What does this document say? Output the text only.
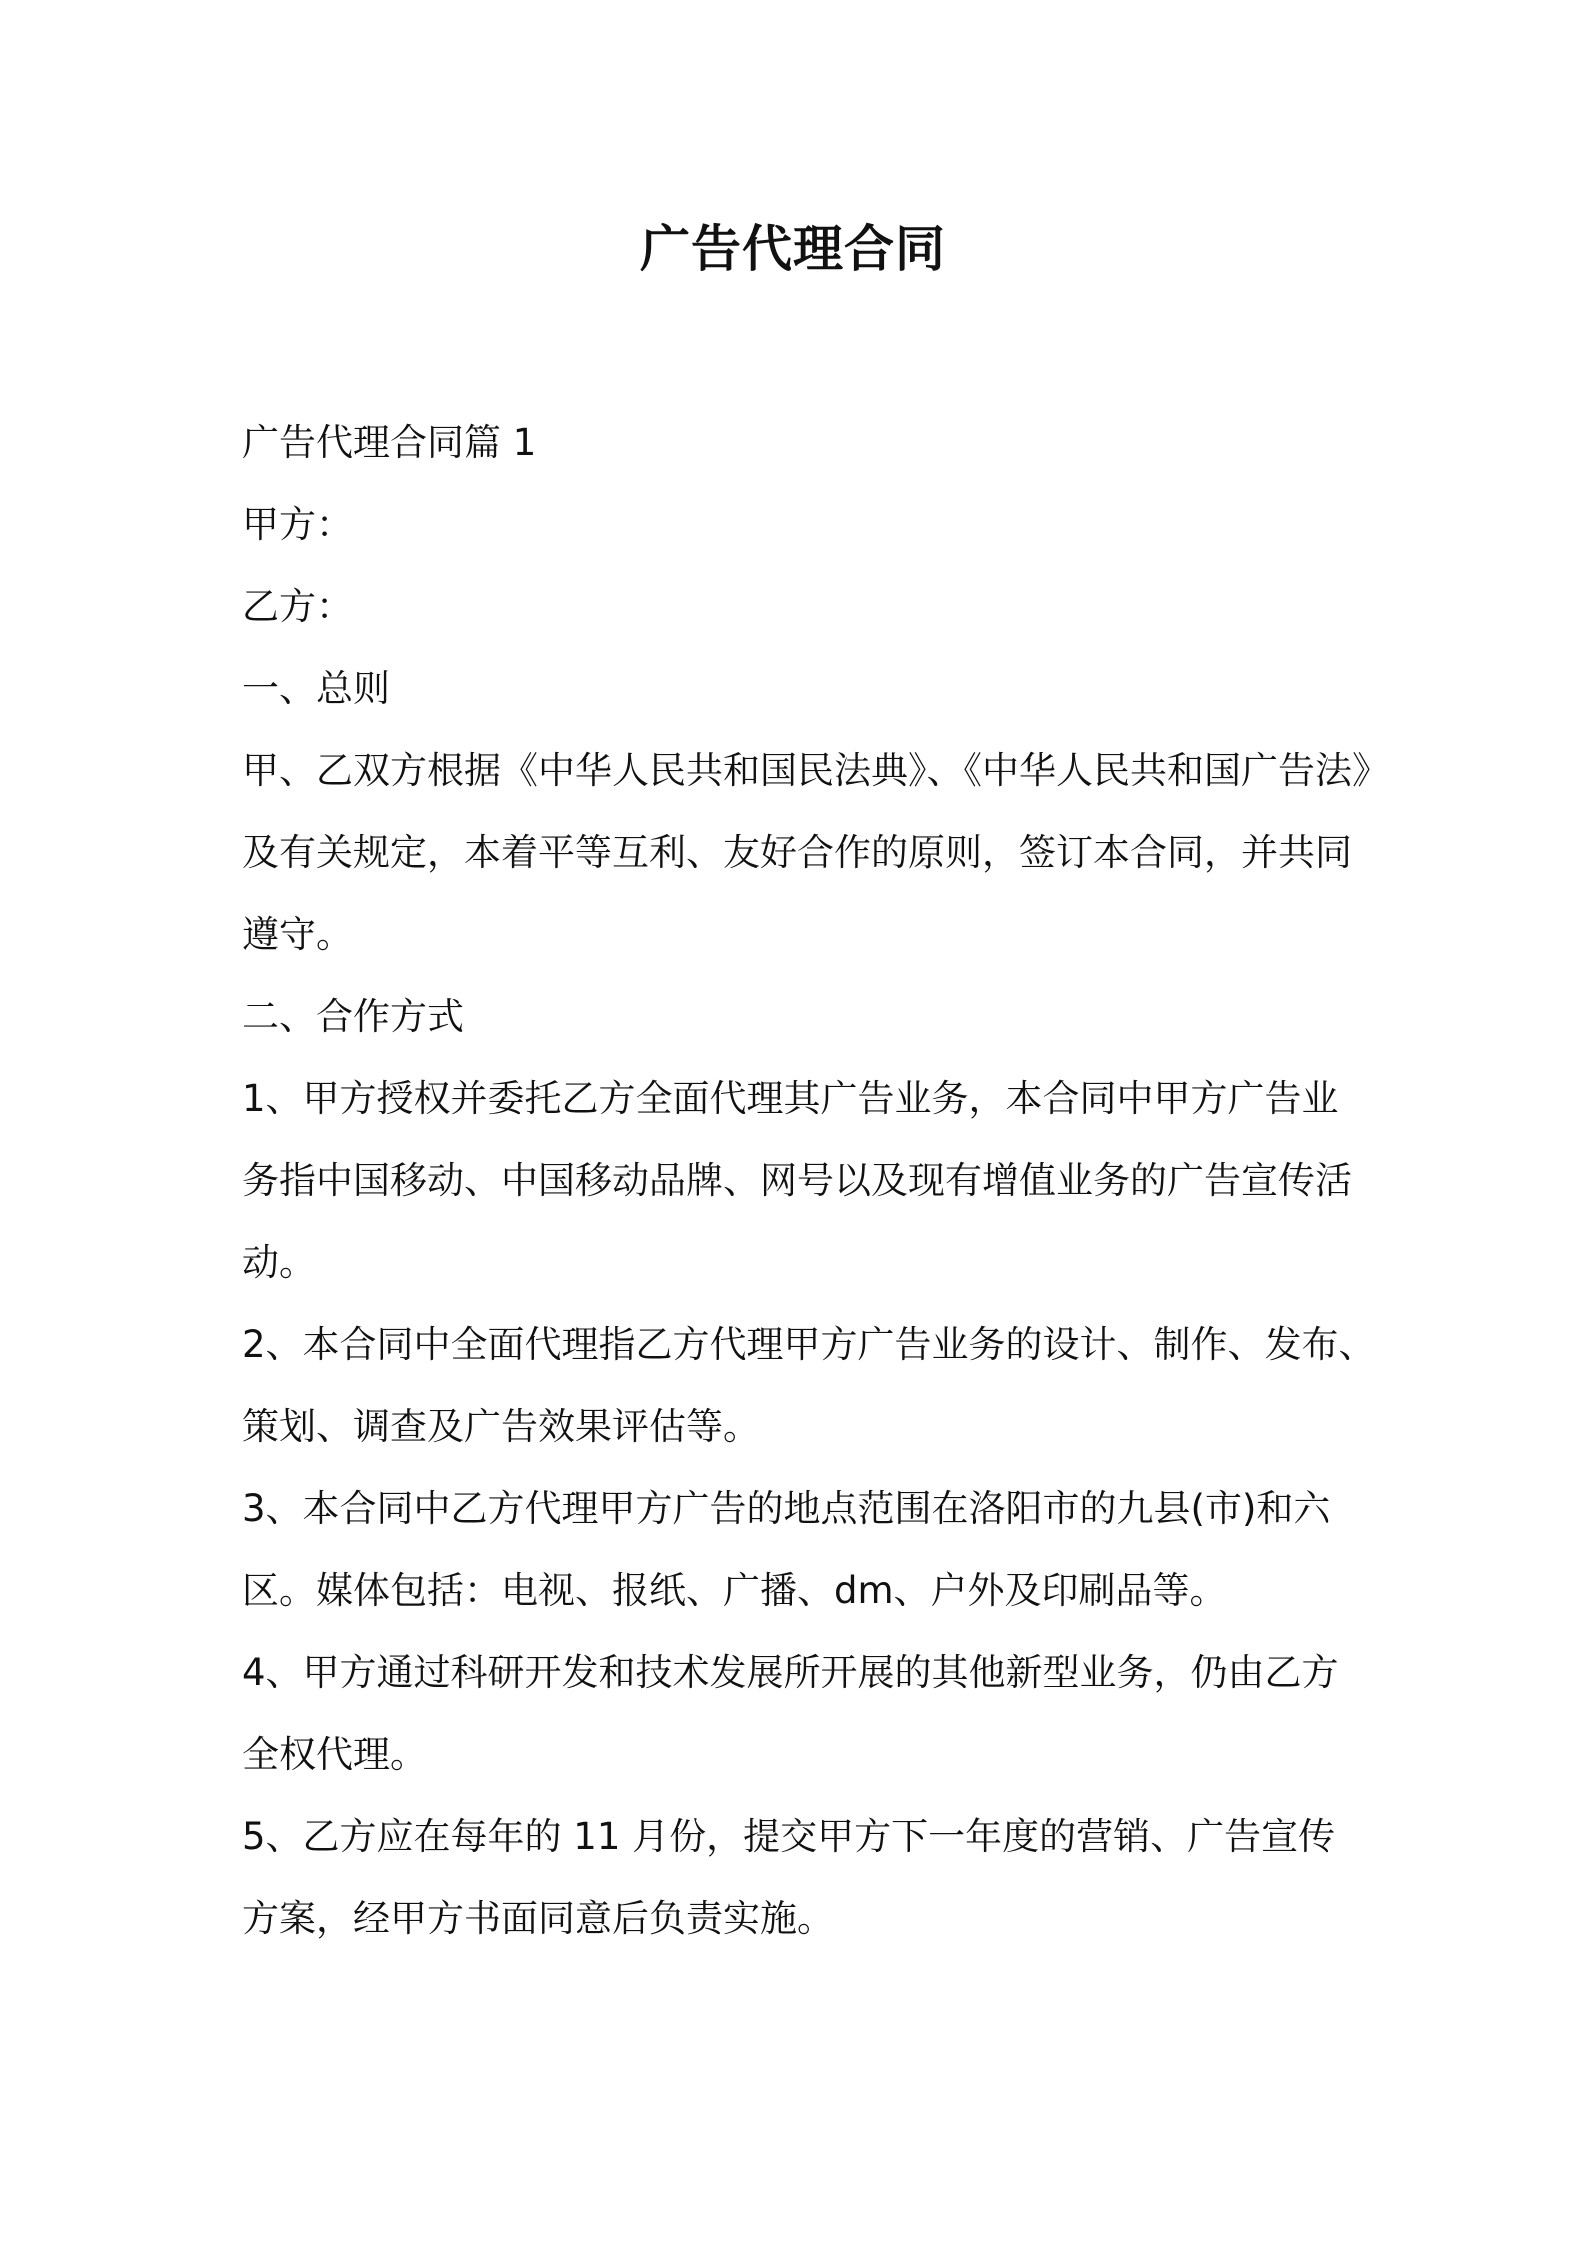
广告代理合同

广告代理合同篇 1

甲方：

乙方：

一、总则

甲、乙双方根据《中华人民共和国民法典》、《中华人民共和国广告法》
及有关规定，本着平等互利、友好合作的原则，签订本合同，并共同
遵守。

二、合作方式

1、甲方授权并委托乙方全面代理其广告业务，本合同中甲方广告业
务指中国移动、中国移动品牌、网号以及现有增值业务的广告宣传活
动。

2、本合同中全面代理指乙方代理甲方广告业务的设计、制作、发布、
策划、调查及广告效果评估等。

3、本合同中乙方代理甲方广告的地点范围在洛阳市的九县(市)和六
区。媒体包括：电视、报纸、广播、dm、户外及印刷品等。

4、甲方通过科研开发和技术发展所开展的其他新型业务，仍由乙方
全权代理。

5、乙方应在每年的 11 月份，提交甲方下一年度的营销、广告宣传
方案，经甲方书面同意后负责实施。
